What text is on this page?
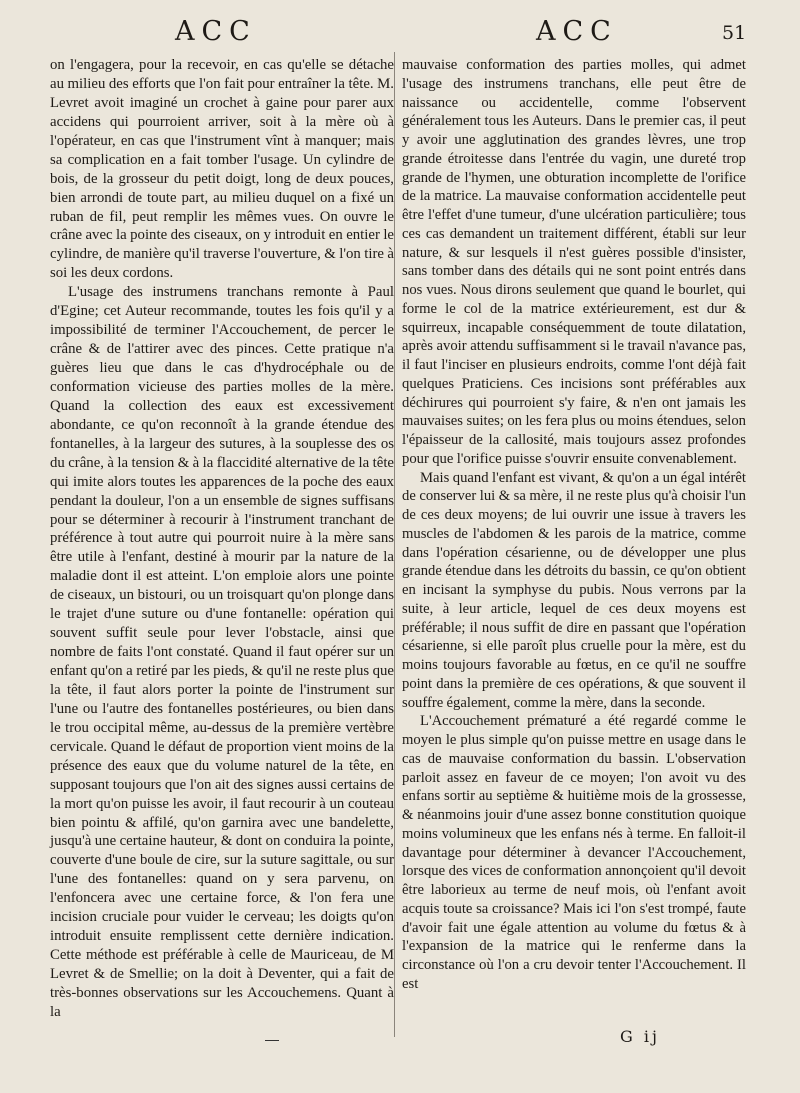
ACC	ACC	51

on l'engagera, pour la recevoir, en cas qu'elle se détache au milieu des efforts que l'on fait pour entraîner la tête. M. Levret avoit imaginé un crochet à gaine pour parer aux accidens qui pourroient arriver, soit à la mère où à l'opérateur, en cas que l'instrument vînt à manquer; mais sa complication en a fait tomber l'usage. Un cylindre de bois, de la grosseur du petit doigt, long de deux pouces, bien arrondi de toute part, au milieu duquel on a fixé un ruban de fil, peut remplir les mêmes vues. On ouvre le crâne avec la pointe des ciseaux, on y introduit en entier le cylindre, de manière qu'il traverse l'ouverture, & l'on tire à soi les deux cordons.

L'usage des instrumens tranchans remonte à Paul d'Egine; cet Auteur recommande, toutes les fois qu'il y a impossibilité de terminer l'Accouchement, de percer le crâne & de l'attirer avec des pinces. Cette pratique n'a guères lieu que dans le cas d'hydrocéphale ou de conformation vicieuse des parties molles de la mère. Quand la collection des eaux est excessivement abondante, ce qu'on reconnoît à la grande étendue des fontanelles, à la largeur des sutures, à la souplesse des os du crâne, à la tension & à la flaccidité alternative de la tête qui imite alors toutes les apparences de la poche des eaux pendant la douleur, l'on a un ensemble de signes suffisans pour se déterminer à recourir à l'instrument tranchant de préférence à tout autre qui pourroit nuire à la mère sans être utile à l'enfant, destiné à mourir par la nature de la maladie dont il est atteint. L'on emploie alors une pointe de ciseaux, un bistouri, ou un troisquart qu'on plonge dans le trajet d'une suture ou d'une fontanelle: opération qui souvent suffit seule pour lever l'obstacle, ainsi que nombre de faits l'ont constaté. Quand il faut opérer sur un enfant qu'on a retiré par les pieds, & qu'il ne reste plus que la tête, il faut alors porter la pointe de l'instrument sur l'une ou l'autre des fontanelles postérieures, ou bien dans le trou occipital même, au-dessus de la première vertèbre cervicale. Quand le défaut de proportion vient moins de la présence des eaux que du volume naturel de la tête, en supposant toujours que l'on ait des signes aussi certains de la mort qu'on puisse les avoir, il faut recourir à un couteau bien pointu & affilé, qu'on garnira avec une bandelette, jusqu'à une certaine hauteur, & dont on conduira la pointe, couverte d'une boule de cire, sur la suture sagittale, ou sur l'une des fontanelles: quand on y sera parvenu, on l'enfoncera avec une certaine force, & l'on fera une incision cruciale pour vuider le cerveau; les doigts qu'on introduit ensuite remplissent cette dernière indication. Cette méthode est préférable à celle de Mauriceau, de M Levret & de Smellie; on la doit à Deventer, qui a fait de très-bonnes observations sur les Accouchemens. Quant à la

mauvaise conformation des parties molles, qui admet l'usage des instrumens tranchans, elle peut être de naissance ou accidentelle, comme l'observent généralement tous les Auteurs. Dans le premier cas, il peut y avoir une agglutination des grandes lèvres, une trop grande étroitesse dans l'entrée du vagin, une dureté trop grande de l'hymen, une obturation incomplette de l'orifice de la matrice. La mauvaise conformation accidentelle peut être l'effet d'une tumeur, d'une ulcération particulière; tous ces cas demandent un traitement différent, établi sur leur nature, & sur lesquels il n'est guères possible d'insister, sans tomber dans des détails qui ne sont point entrés dans nos vues. Nous dirons seulement que quand le bourlet, qui forme le col de la matrice extérieurement, est dur & squirreux, incapable conséquemment de toute dilatation, après avoir attendu suffisamment si le travail n'avance pas, il faut l'inciser en plusieurs endroits, comme l'ont déjà fait quelques Praticiens. Ces incisions sont préférables aux déchirures qui pourroient s'y faire, & n'en ont jamais les mauvaises suites; on les fera plus ou moins étendues, selon l'épaisseur de la callosité, mais toujours assez profondes pour que l'orifice puisse s'ouvrir ensuite convenablement.

Mais quand l'enfant est vivant, & qu'on a un égal intérêt de conserver lui & sa mère, il ne reste plus qu'à choisir l'un de ces deux moyens; de lui ouvrir une issue à travers les muscles de l'abdomen & les parois de la matrice, comme dans l'opération césarienne, ou de développer une plus grande étendue dans les détroits du bassin, ce qu'on obtient en incisant la symphyse du pubis. Nous verrons par la suite, à leur article, lequel de ces deux moyens est préférable; il nous suffit de dire en passant que l'opération césarienne, si elle paroît plus cruelle pour la mère, est du moins toujours favorable au fœtus, en ce qu'il ne souffre point dans la première de ces opérations, & que souvent il souffre également, comme la mère, dans la seconde.

L'Accouchement prématuré a été regardé comme le moyen le plus simple qu'on puisse mettre en usage dans le cas de mauvaise conformation du bassin. L'observation parloit assez en faveur de ce moyen; l'on avoit vu des enfans sortir au septième & huitième mois de la grossesse, & néanmoins jouir d'une assez bonne constitution quoique moins volumineux que les enfans nés à terme. En falloit-il davantage pour déterminer à devancer l'Accouchement, lorsque des vices de conformation annonçoient qu'il devoit être laborieux au terme de neuf mois, où l'enfant avoit acquis toute sa croissance? Mais ici l'on s'est trompé, faute d'avoir fait une égale attention au volume du fœtus & à l'expansion de la matrice qui le renferme dans la circonstance où l'on a cru devoir tenter l'Accouchement. Il est

G ij
